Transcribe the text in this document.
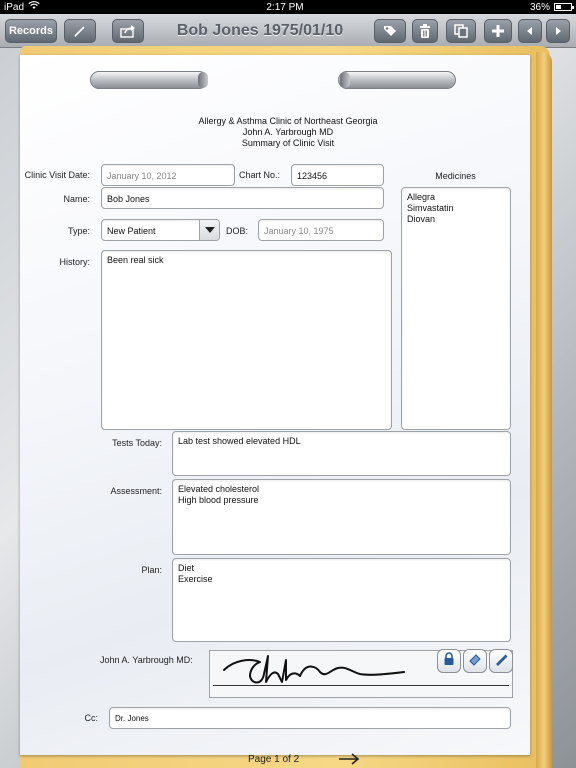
iPad	2:17 PM	36%
Records	Bob Jones 1975/01/10
Allergy & Asthma Clinic of Northeast Georgia
John A. Yarbrough MD
Summary of Clinic Visit
Clinic Visit Date:	January 10, 2012	Chart No.:	123456
Name:	Bob Jones
Type:	New Patient	DOB:	January 10, 1975
Medicines
Allegra
Simvastatin
Diovan
History:	Been real sick
Tests Today:	Lab test showed elevated HDL
Assessment: Elevated cholesterol
High blood pressure
Plan: Diet
Exercise
John A. Yarbrough MD:
Cc:	Dr. Jones
Page 1 of 2
